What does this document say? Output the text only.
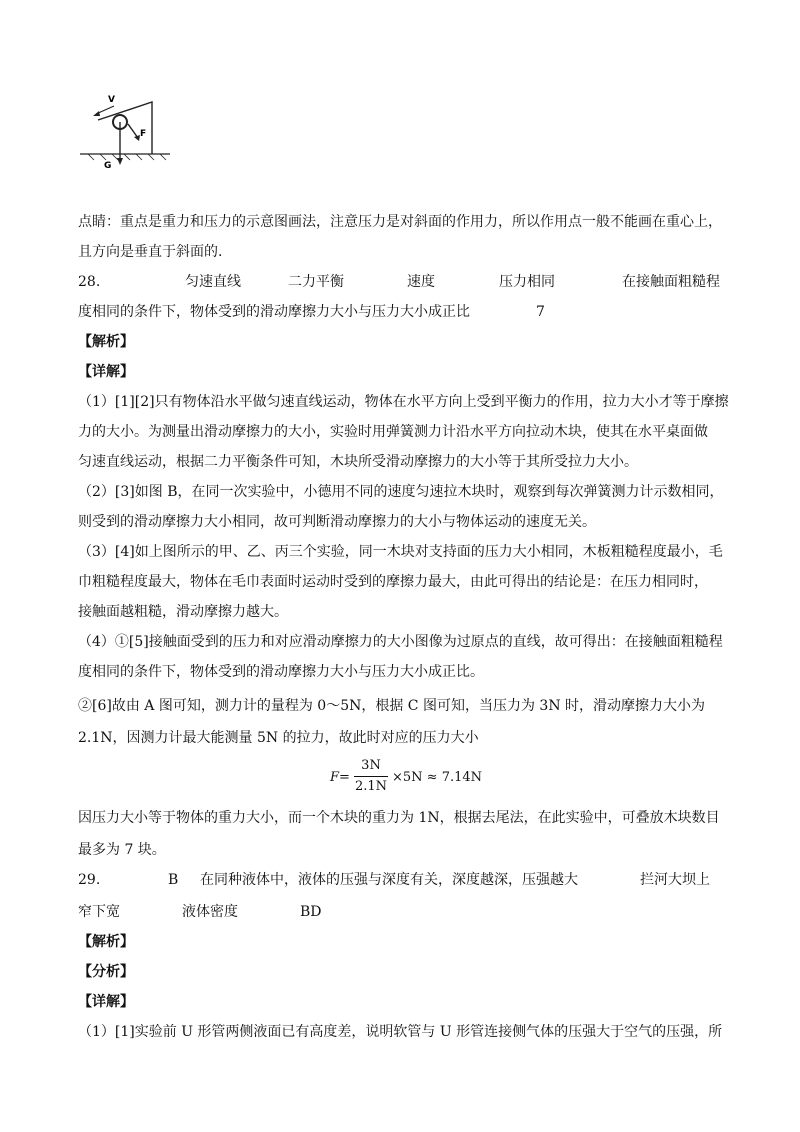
V
F
G
点睛：重点是重力和压力的示意图画法，注意压力是对斜面的作用力，所以作用点一般不能画在重心上，
且方向是垂直于斜面的.
28.	匀速直线	二力平衡	速度	压力相同	在接触面粗糙程
度相同的条件下，物体受到的滑动摩擦力大小与压力大小成正比	7
【解析】
【详解】
（1）[1][2]只有物体沿水平做匀速直线运动，物体在水平方向上受到平衡力的作用，拉力大小才等于摩擦
力的大小。为测量出滑动摩擦力的大小，实验时用弹簧测力计沿水平方向拉动木块，使其在水平桌面做
匀速直线运动，根据二力平衡条件可知，木块所受滑动摩擦力的大小等于其所受拉力大小。
（2）[3]如图 B，在同一次实验中，小德用不同的速度匀速拉木块时，观察到每次弹簧测力计示数相同，
则受到的滑动摩擦力大小相同，故可判断滑动摩擦力的大小与物体运动的速度无关。
（3）[4]如上图所示的甲、乙、丙三个实验，同一木块对支持面的压力大小相同，木板粗糙程度最小，毛
巾粗糙程度最大，物体在毛巾表面时运动时受到的摩擦力最大，由此可得出的结论是：在压力相同时，
接触面越粗糙，滑动摩擦力越大。
（4）①[5]接触面受到的压力和对应滑动摩擦力的大小图像为过原点的直线，故可得出：在接触面粗糙程
度相同的条件下，物体受到的滑动摩擦力大小与压力大小成正比。
②[6]故由 A 图可知，测力计的量程为 0～5N，根据 C 图可知，当压力为 3N 时，滑动摩擦力大小为
2.1N，因测力计最大能测量 5N 的拉力，故此时对应的压力大小
$F= \frac{3N}{2.1N} \times 5N \approx 7.14N$
因压力大小等于物体的重力大小，而一个木块的重力为 1N，根据去尾法，在此实验中，可叠放木块数目
最多为 7 块。
29.	B 在同种液体中，液体的压强与深度有关，深度越深，压强越大	拦河大坝上
窄下宽	液体密度	BD
【解析】
【分析】
【详解】
（1）[1]实验前 U 形管两侧液面已有高度差，说明软管与 U 形管连接侧气体的压强大于空气的压强，所
